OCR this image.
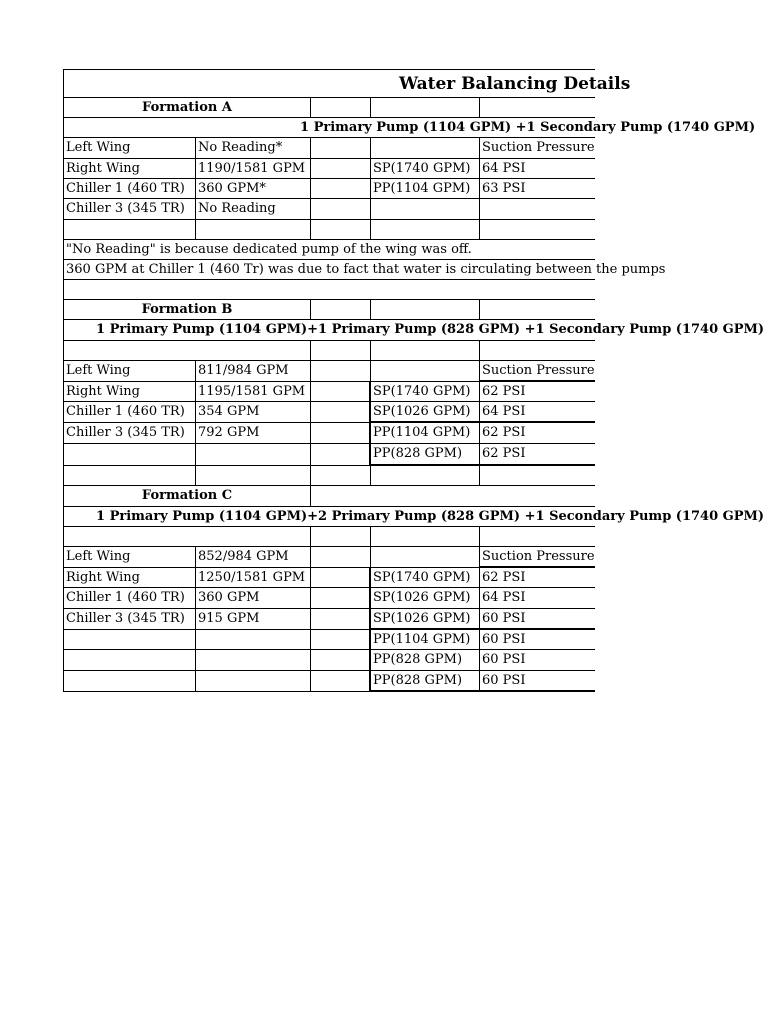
Water Balancing Details
Formation A
1 Primary Pump (1104 GPM) +1 Secondary Pump (1740 GPM)
Left Wing	No Reading*	Suction Pressure
Right Wing	1190/1581 GPM	SP(1740 GPM) 64 PSI
Chiller 1 (460 TR)	360 GPM*	PP(1104 GPM) 63 PSI
Chiller 3 (345 TR)	No Reading
"No Reading" is because dedicated pump of the wing was off.
360 GPM at Chiller 1 (460 Tr) was due to fact that water is circulating between the pumps
Formation B
1 Primary Pump (1104 GPM)+1 Primary Pump (828 GPM) +1 Secondary Pump (1740 GPM)
Left Wing	811/984 GPM	Suction Pressure
Right Wing	1195/1581 GPM	SP(1740 GPM) 62 PSI
Chiller 1 (460 TR)	354 GPM	SP(1026 GPM) 64 PSI
Chiller 3 (345 TR)	792 GPM	PP(1104 GPM) 62 PSI
PP(828 GPM)	62 PSI
Formation C
1 Primary Pump (1104 GPM)+2 Primary Pump (828 GPM) +1 Secondary Pump (1740 GPM)
Left Wing	852/984 GPM	Suction Pressure
Right Wing	1250/1581 GPM	SP(1740 GPM) 62 PSI
Chiller 1 (460 TR)	360 GPM	SP(1026 GPM) 64 PSI
Chiller 3 (345 TR)	915 GPM	SP(1026 GPM) 60 PSI
PP(1104 GPM) 60 PSI
PP(828 GPM)	60 PSI
PP(828 GPM)	60 PSI
